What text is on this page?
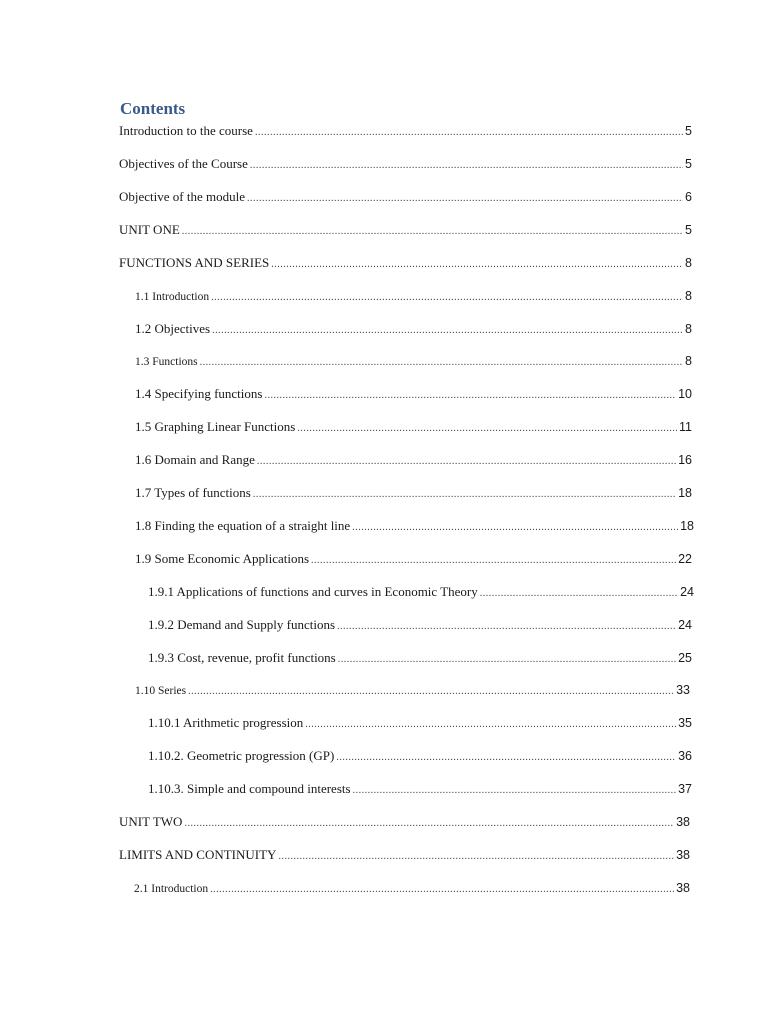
Contents
Introduction to the course .....	5
Objectives of the Course .....	5
Objective of the module .....	6
UNIT ONE .....	5
FUNCTIONS AND SERIES .....	8
1.1 Introduction .....	8
1.2 Objectives .....	8
1.3 Functions .....	8
1.4 Specifying functions .....	10
1.5 Graphing Linear Functions .....	11
1.6 Domain and Range .....	16
1.7 Types of functions .....	18
1.8 Finding the equation of a straight line .....	18
1.9 Some Economic Applications .....	22
1.9.1 Applications of functions and curves in Economic Theory .....	24
1.9.2 Demand and Supply functions .....	24
1.9.3 Cost, revenue, profit functions .....	25
1.10 Series .....	33
1.10.1 Arithmetic progression .....	35
1.10.2. Geometric progression (GP) .....	36
1.10.3. Simple and compound interests .....	37
UNIT TWO .....	38
LIMITS AND CONTINUITY .....	38
2.1 Introduction .....	38
